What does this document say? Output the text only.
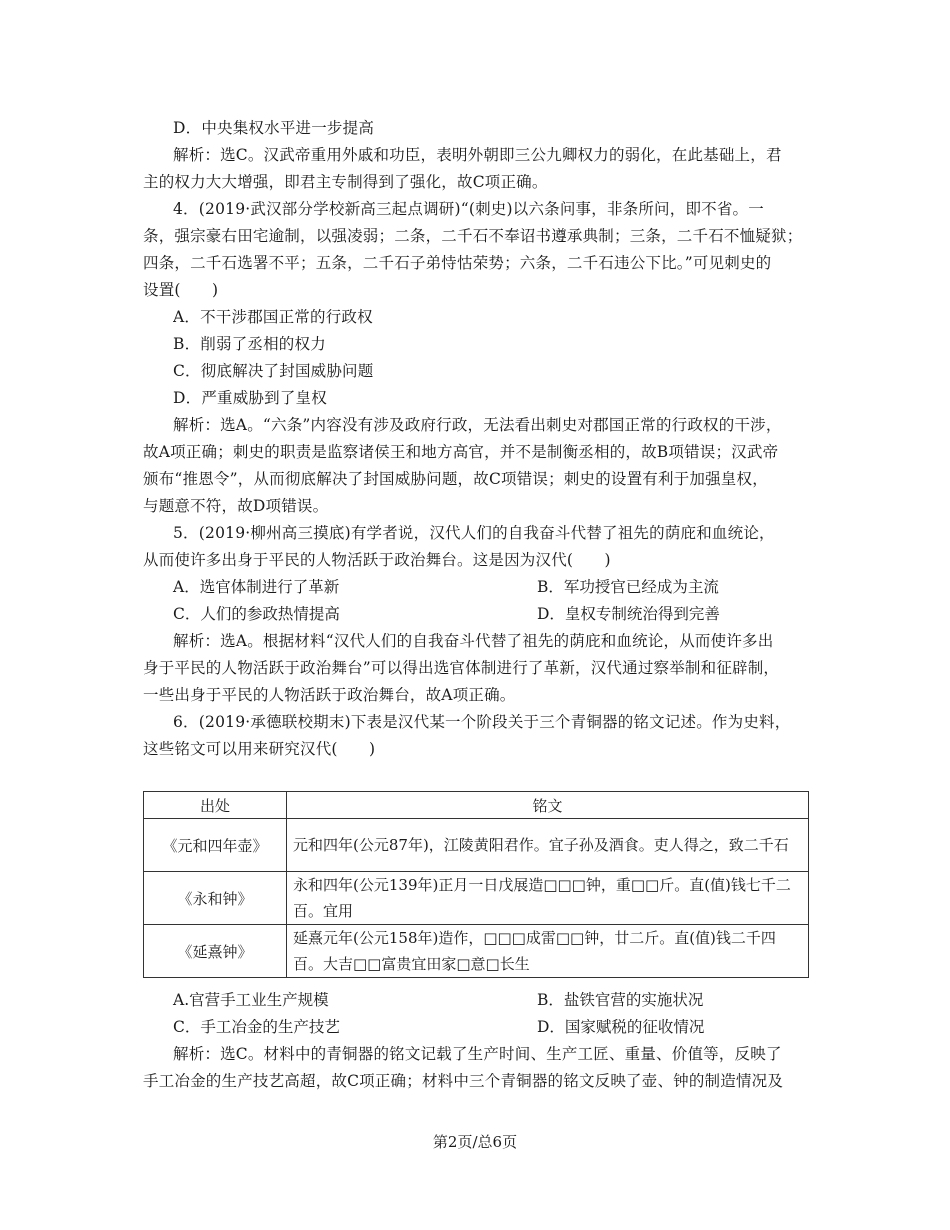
D．中央集权水平进一步提高
解析：选C。汉武帝重用外戚和功臣，表明外朝即三公九卿权力的弱化，在此基础上，君
主的权力大大增强，即君主专制得到了强化，故C项正确。
4．(2019·武汉部分学校新高三起点调研)“(刺史)以六条问事，非条所问，即不省。一
条，强宗豪右田宅逾制，以强凌弱；二条，二千石不奉诏书遵承典制；三条，二千石不恤疑狱；
四条，二千石选署不平；五条，二千石子弟恃怙荣势；六条，二千石违公下比。”可见刺史的
设置(　　)
A．不干涉郡国正常的行政权
B．削弱了丞相的权力
C．彻底解决了封国威胁问题
D．严重威胁到了皇权
解析：选A。“六条”内容没有涉及政府行政，无法看出刺史对郡国正常的行政权的干涉，
故A项正确；刺史的职责是监察诸侯王和地方高官，并不是制衡丞相的，故B项错误；汉武帝
颁布“推恩令”，从而彻底解决了封国威胁问题，故C项错误；刺史的设置有利于加强皇权，
与题意不符，故D项错误。
5．(2019·柳州高三摸底)有学者说，汉代人们的自我奋斗代替了祖先的荫庇和血统论，
从而使许多出身于平民的人物活跃于政治舞台。这是因为汉代(　　)
A．选官体制进行了革新	B．军功授官已经成为主流
C．人们的参政热情提高	D．皇权专制统治得到完善
解析：选A。根据材料“汉代人们的自我奋斗代替了祖先的荫庇和血统论，从而使许多出
身于平民的人物活跃于政治舞台”可以得出选官体制进行了革新，汉代通过察举制和征辟制，
一些出身于平民的人物活跃于政治舞台，故A项正确。
6．(2019·承德联校期末)下表是汉代某一个阶段关于三个青铜器的铭文记述。作为史料，
这些铭文可以用来研究汉代(　　)
出处	铭文
《元和四年壶》	元和四年(公元87年)，江陵黄阳君作。宜子孙及酒食。吏人得之，致二千石
《永和钟》	永和四年(公元139年)正月一日戊展造□□□钟，重□□斤。直(值)钱七千二百。宜用
《延熹钟》	延熹元年(公元158年)造作，□□□成雷□□钟，廿二斤。直(值)钱二千四百。大吉□□富贵宜田家□意□长生
A.官营手工业生产规模	B．盐铁官营的实施状况
C．手工冶金的生产技艺	D．国家赋税的征收情况
解析：选C。材料中的青铜器的铭文记载了生产时间、生产工匠、重量、价值等，反映了
手工冶金的生产技艺高超，故C项正确；材料中三个青铜器的铭文反映了壶、钟的制造情况及
第2页/总6页
